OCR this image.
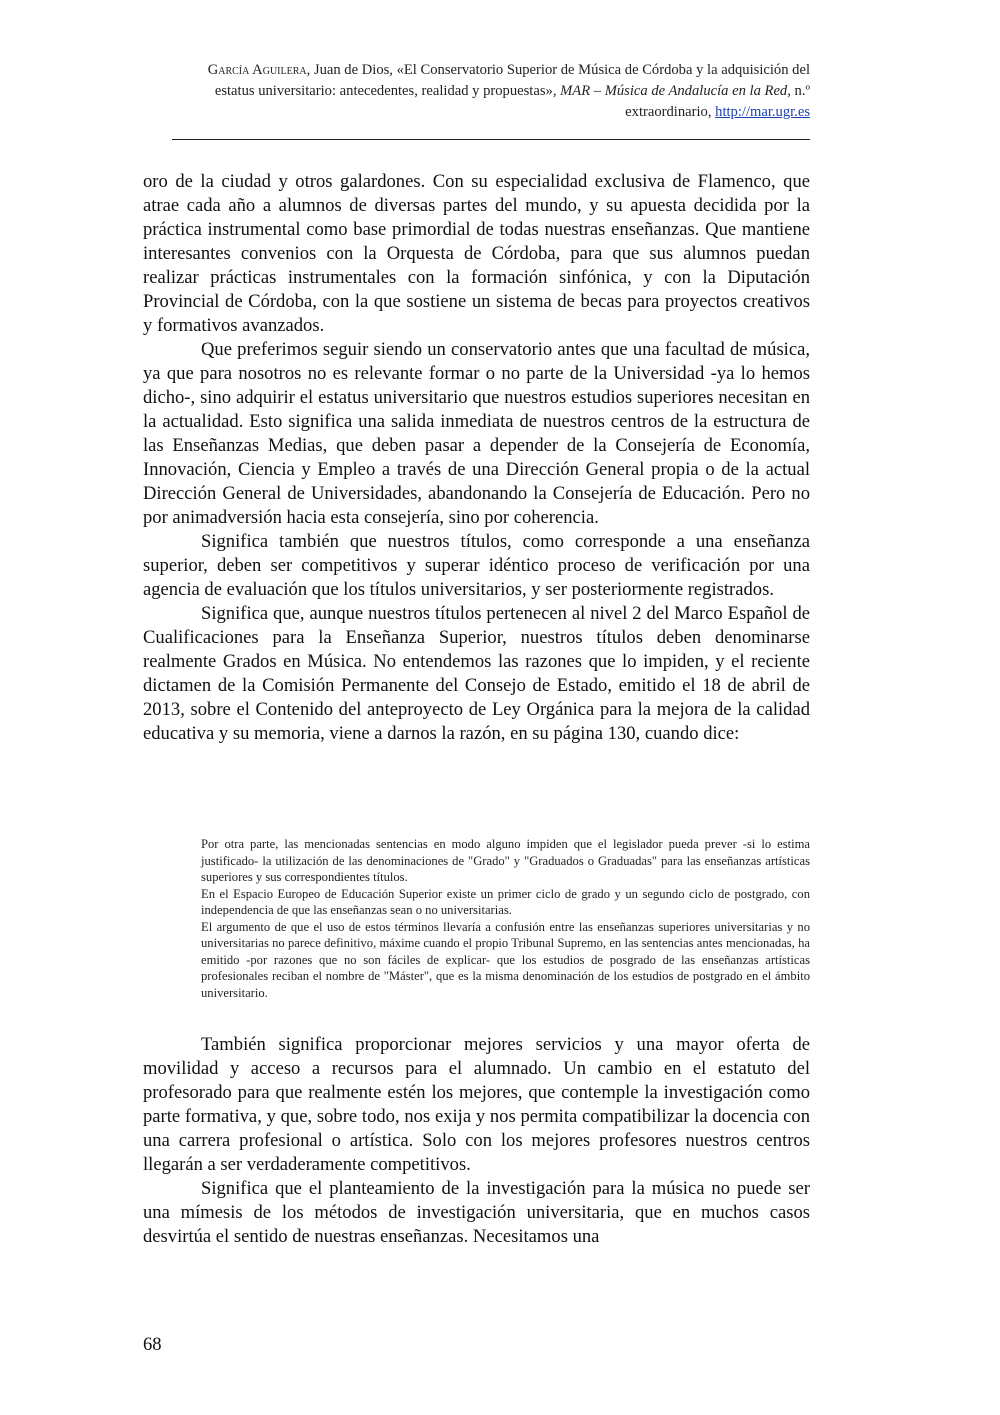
García Aguilera, Juan de Dios, «El Conservatorio Superior de Música de Córdoba y la adquisición del estatus universitario: antecedentes, realidad y propuestas», MAR – Música de Andalucía en la Red, n.º extraordinario, http://mar.ugr.es

oro de la ciudad y otros galardones. Con su especialidad exclusiva de Flamenco, que atrae cada año a alumnos de diversas partes del mundo, y su apuesta decidida por la práctica instrumental como base primordial de todas nuestras enseñanzas. Que mantiene interesantes convenios con la Orquesta de Córdoba, para que sus alumnos puedan realizar prácticas instrumentales con la formación sinfónica, y con la Diputación Provincial de Córdoba, con la que sostiene un sistema de becas para proyectos creativos y formativos avanzados.

Que preferimos seguir siendo un conservatorio antes que una facultad de música, ya que para nosotros no es relevante formar o no parte de la Universidad -ya lo hemos dicho-, sino adquirir el estatus universitario que nuestros estudios superiores necesitan en la actualidad. Esto significa una salida inmediata de nuestros centros de la estructura de las Enseñanzas Medias, que deben pasar a depender de la Consejería de Economía, Innovación, Ciencia y Empleo a través de una Dirección General propia o de la actual Dirección General de Universidades, abandonando la Consejería de Educación. Pero no por animadversión hacia esta consejería, sino por coherencia.

Significa también que nuestros títulos, como corresponde a una enseñanza superior, deben ser competitivos y superar idéntico proceso de verificación por una agencia de evaluación que los títulos universitarios, y ser posteriormente registrados.

Significa que, aunque nuestros títulos pertenecen al nivel 2 del Marco Español de Cualificaciones para la Enseñanza Superior, nuestros títulos deben denominarse realmente Grados en Música. No entendemos las razones que lo impiden, y el reciente dictamen de la Comisión Permanente del Consejo de Estado, emitido el 18 de abril de 2013, sobre el Contenido del anteproyecto de Ley Orgánica para la mejora de la calidad educativa y su memoria, viene a darnos la razón, en su página 130, cuando dice:

Por otra parte, las mencionadas sentencias en modo alguno impiden que el legislador pueda prever -si lo estima justificado- la utilización de las denominaciones de "Grado" y "Graduados o Graduadas" para las enseñanzas artísticas superiores y sus correspondientes títulos.

En el Espacio Europeo de Educación Superior existe un primer ciclo de grado y un segundo ciclo de postgrado, con independencia de que las enseñanzas sean o no universitarias.

El argumento de que el uso de estos términos llevaría a confusión entre las enseñanzas superiores universitarias y no universitarias no parece definitivo, máxime cuando el propio Tribunal Supremo, en las sentencias antes mencionadas, ha emitido -por razones que no son fáciles de explicar- que los estudios de posgrado de las enseñanzas artísticas profesionales reciban el nombre de "Máster", que es la misma denominación de los estudios de postgrado en el ámbito universitario.

También significa proporcionar mejores servicios y una mayor oferta de movilidad y acceso a recursos para el alumnado. Un cambio en el estatuto del profesorado para que realmente estén los mejores, que contemple la investigación como parte formativa, y que, sobre todo, nos exija y nos permita compatibilizar la docencia con una carrera profesional o artística. Solo con los mejores profesores nuestros centros llegarán a ser verdaderamente competitivos.

Significa que el planteamiento de la investigación para la música no puede ser una mímesis de los métodos de investigación universitaria, que en muchos casos desvirtúa el sentido de nuestras enseñanzas. Necesitamos una

68
